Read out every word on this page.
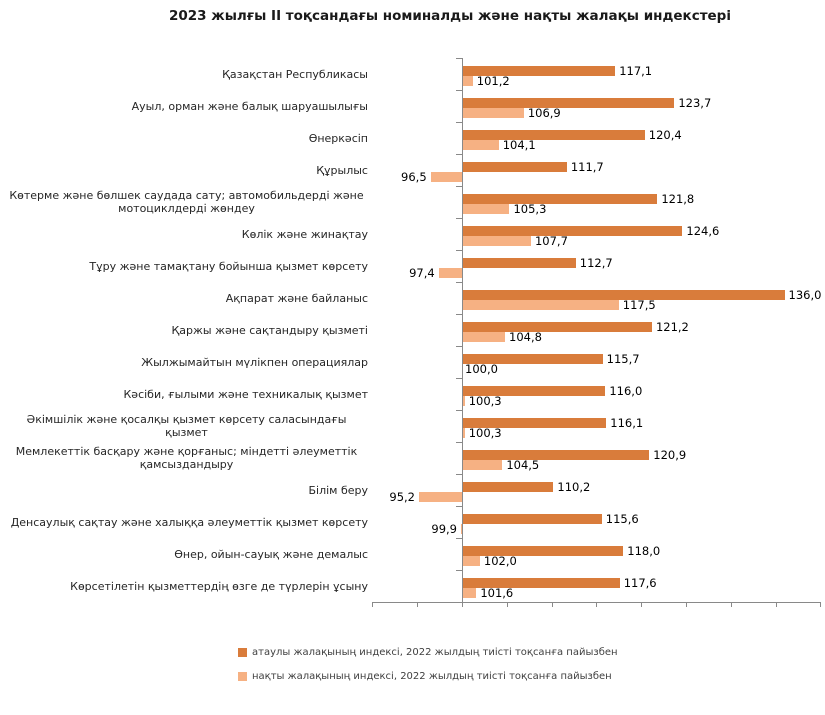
2023 жылғы II тоқсандағы номиналды және нақты жалақы индекстері
Қазақстан Республикасы	117,1
101,2
Ауыл, орман және балық шаруашылығы	123,7
106,9
Өнеркәсіп	120,4
104,1
Құрылыс	111,7
96,5
Көтерме және бөлшек саудада сату; автомобильдерді және мотоциклдерді жөндеу
121,8
105,3
Көлік және жинақтау	124,6
107,7
Тұру және тамақтану бойынша қызмет көрсету	112,7
97,4
Ақпарат және байланыс	136,0
117,5
Қаржы және сақтандыру қызметі	121,2
104,8
Жылжымайтын мүлікпен операциялар	115,7
100,0
Кәсіби, ғылыми және техникалық қызмет	116,0
100,3
Әкімшілік және қосалқы қызмет көрсету саласындағы қызмет
116,1
100,3
Мемлекеттік басқару және қорғаныс; міндетті әлеуметтік қамсыздандыру
120,9
104,5
Білім беру	110,2
95,2
Денсаулық сақтау және халыққа әлеуметтік қызмет көрсету	115,6
99,9
Өнер, ойын-сауық және демалыс	118,0
102,0
Көрсетілетін қызметтердің өзге де түрлерін ұсыну	117,6
101,6
атаулы жалақының индексі, 2022 жылдың тиісті тоқсанға пайызбен
нақты жалақының индексі, 2022 жылдың тиісті тоқсанға пайызбен
